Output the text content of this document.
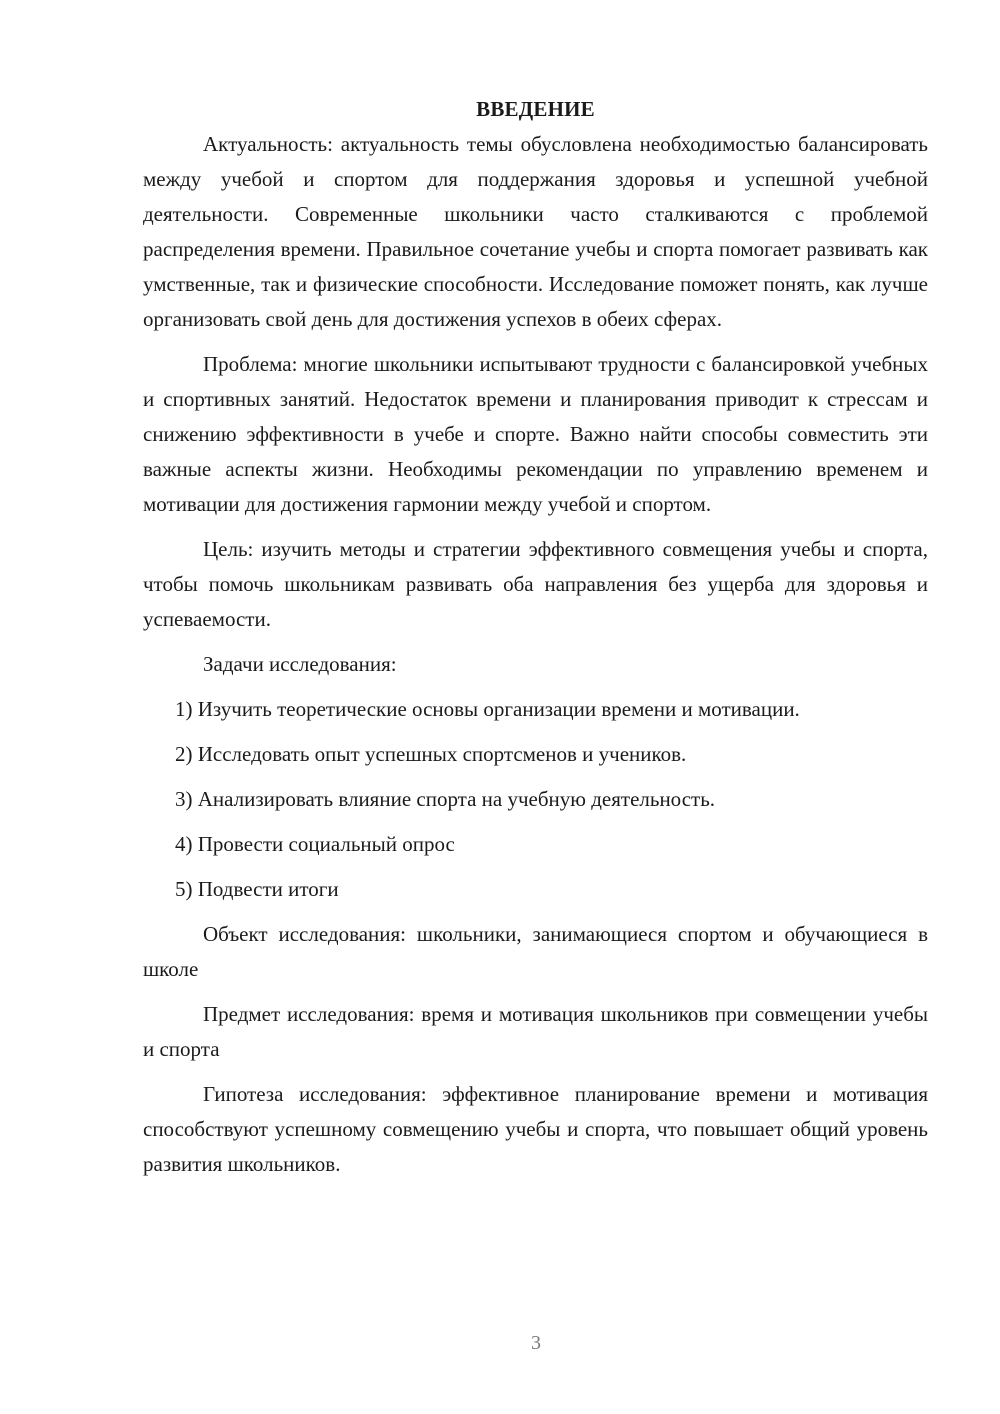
ВВЕДЕНИЕ
Актуальность: актуальность темы обусловлена необходимостью балансировать между учебой и спортом для поддержания здоровья и успешной учебной деятельности. Современные школьники часто сталкиваются с проблемой распределения времени. Правильное сочетание учебы и спорта помогает развивать как умственные, так и физические способности. Исследование поможет понять, как лучше организовать свой день для достижения успехов в обеих сферах.
Проблема: многие школьники испытывают трудности с балансировкой учебных и спортивных занятий. Недостаток времени и планирования приводит к стрессам и снижению эффективности в учебе и спорте. Важно найти способы совместить эти важные аспекты жизни. Необходимы рекомендации по управлению временем и мотивации для достижения гармонии между учебой и спортом.
Цель: изучить методы и стратегии эффективного совмещения учебы и спорта, чтобы помочь школьникам развивать оба направления без ущерба для здоровья и успеваемости.
Задачи исследования:
1) Изучить теоретические основы организации времени и мотивации.
2) Исследовать опыт успешных спортсменов и учеников.
3) Анализировать влияние спорта на учебную деятельность.
4) Провести социальный опрос
5) Подвести итоги
Объект исследования: школьники, занимающиеся спортом и обучающиеся в школе
Предмет исследования: время и мотивация школьников при совмещении учебы и спорта
Гипотеза исследования: эффективное планирование времени и мотивация способствуют успешному совмещению учебы и спорта, что повышает общий уровень развития школьников.
3
